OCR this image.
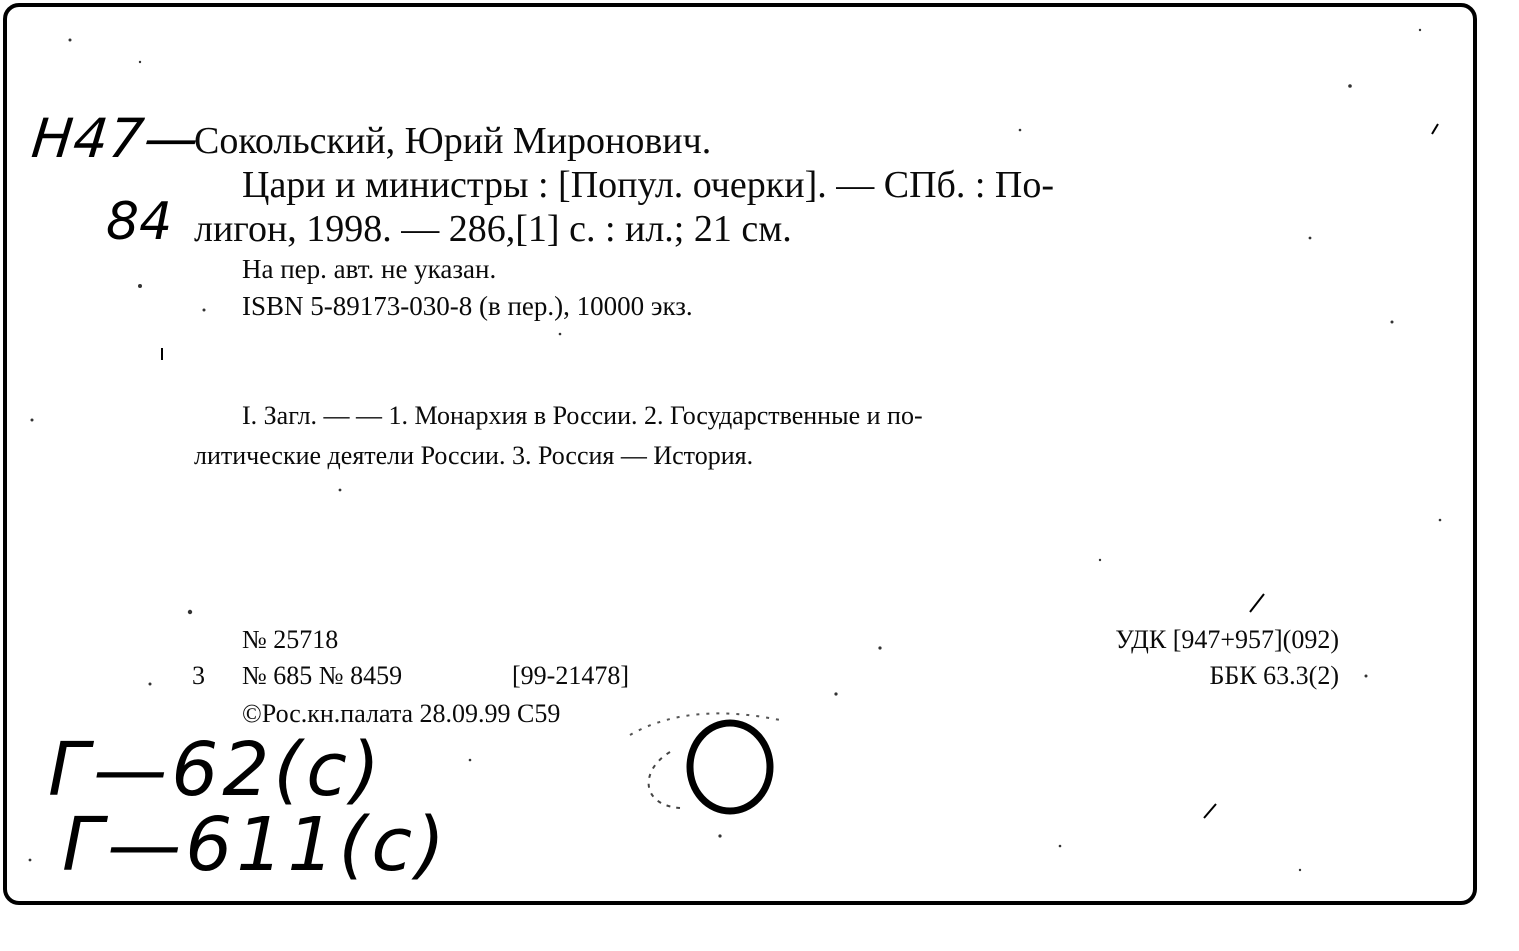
Сокольский, Юрий Миронович.
Цари и министры : [Попул. очерки]. — СПб. : По-
лигон, 1998. — 286,[1] с. : ил.; 21 см.
На пер. авт. не указан.
ISBN 5-89173-030-8 (в пер.), 10000 экз.
I. Загл. — — 1. Монархия в России. 2. Государственные и по-
литические деятели России. 3. Россия — История.
№ 25718
3 № 685 № 8459	[99-21478]
©Рос.кн.палата 28.09.99 С59
УДК [947+957](092)
ББК 63.3(2)
Н47—
84
Г—62(с)
Г—611(с)
